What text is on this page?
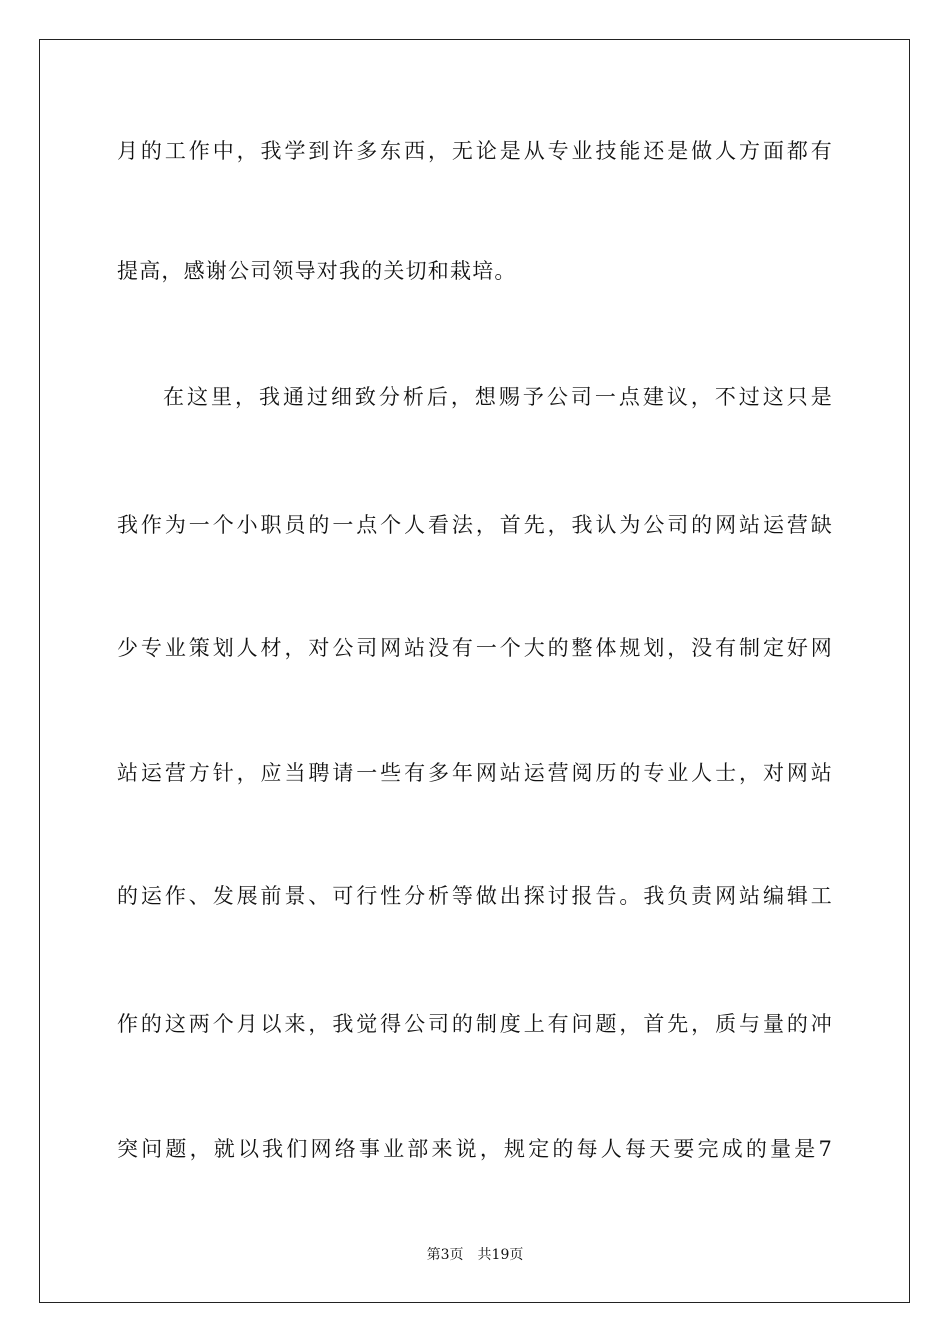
月的工作中，我学到许多东西，无论是从专业技能还是做人方面都有
提高，感谢公司领导对我的关切和栽培。
在这里，我通过细致分析后，想赐予公司一点建议，不过这只是
我作为一个小职员的一点个人看法，首先，我认为公司的网站运营缺
少专业策划人材，对公司网站没有一个大的整体规划，没有制定好网
站运营方针，应当聘请一些有多年网站运营阅历的专业人士，对网站
的运作、发展前景、可行性分析等做出探讨报告。我负责网站编辑工
作的这两个月以来，我觉得公司的制度上有问题，首先，质与量的冲
突问题，就以我们网络事业部来说，规定的每人每天要完成的量是7
第3页 共19页
